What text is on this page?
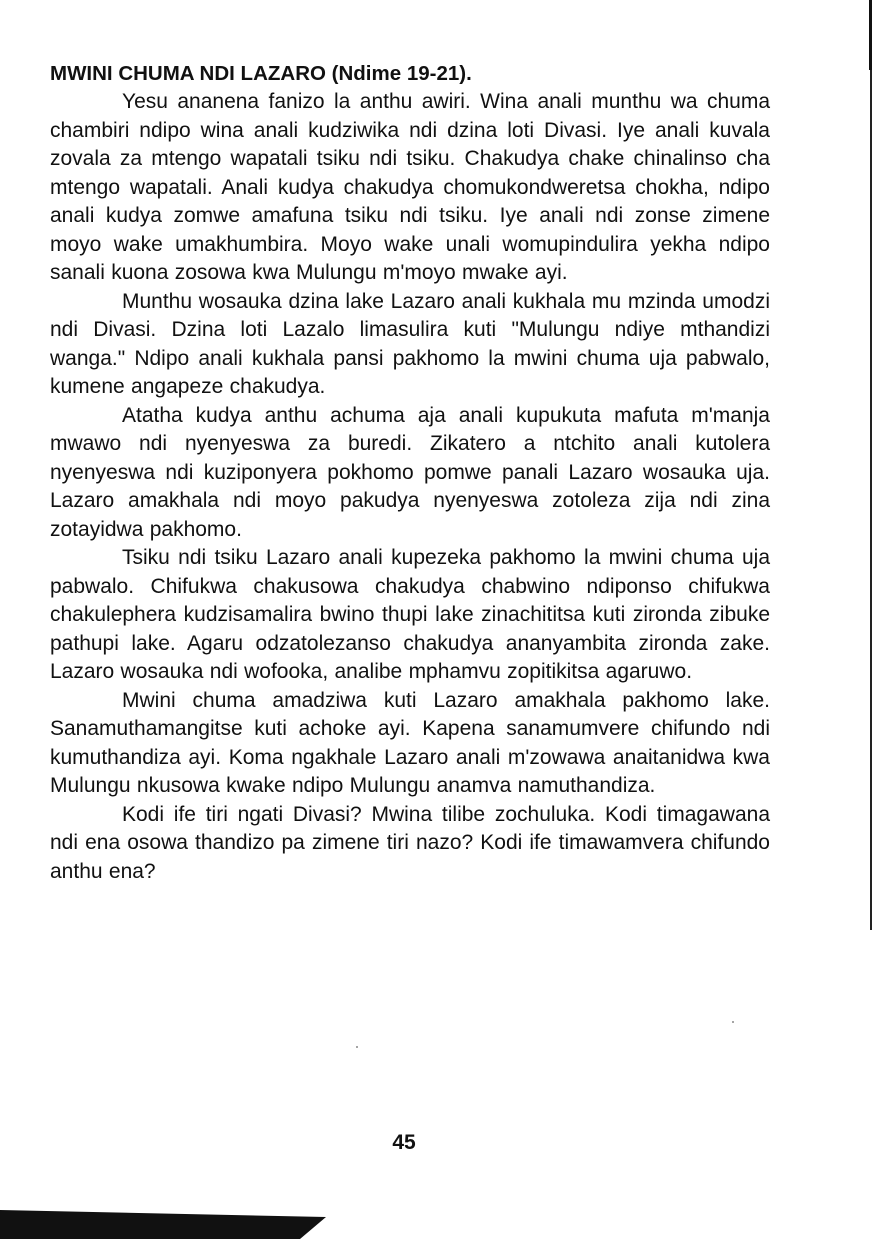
MWINI CHUMA NDI LAZARO (Ndime 19-21).

Yesu ananena fanizo la anthu awiri. Wina anali munthu wa chuma chambiri ndipo wina anali kudziwika ndi dzina loti Divasi. Iye anali kuvala zovala za mtengo wapatali tsiku ndi tsiku. Chakudya chake chinalinso cha mtengo wapatali. Anali kudya chakudya chomukondweretsa chokha, ndipo anali kudya zomwe amafuna tsiku ndi tsiku. Iye anali ndi zonse zimene moyo wake umakhumbira. Moyo wake unali womupindulira yekha ndipo sanali kuona zosowa kwa Mulungu m'moyo mwake ayi.

Munthu wosauka dzina lake Lazaro anali kukhala mu mzinda umodzi ndi Divasi. Dzina loti Lazalo limasulira kuti "Mulungu ndiye mthandizi wanga." Ndipo anali kukhala pansi pakhomo la mwini chuma uja pabwalo, kumene angapeze chakudya.

Atatha kudya anthu achuma aja anali kupukuta mafuta m'manja mwawo ndi nyenyeswa za buredi. Zikatero a ntchito anali kutolera nyenyeswa ndi kuziponyera pokhomo pomwe panali Lazaro wosauka uja. Lazaro amakhala ndi moyo pakudya nyenyeswa zotoleza zija ndi zina zotayidwa pakhomo.

Tsiku ndi tsiku Lazaro anali kupezeka pakhomo la mwini chuma uja pabwalo. Chifukwa chakusowa chakudya chabwino ndiponso chifukwa chakulephera kudzisamalira bwino thupi lake zinachititsa kuti zironda zibuke pathupi lake. Agaru odzatolezanso chakudya ananyambita zironda zake. Lazaro wosauka ndi wofooka, analibe mphamvu zopitikitsa agaruwo.

Mwini chuma amadziwa kuti Lazaro amakhala pakhomo lake. Sanamuthamangitse kuti achoke ayi. Kapena sanamumvere chifundo ndi kumuthandiza ayi. Koma ngakhale Lazaro anali m'zowawa anaitanidwa kwa Mulungu nkusowa kwake ndipo Mulungu anamva namuthandiza.

Kodi ife tiri ngati Divasi? Mwina tilibe zochuluka. Kodi timagawana ndi ena osowa thandizo pa zimene tiri nazo? Kodi ife timawamvera chifundo anthu ena?

45
